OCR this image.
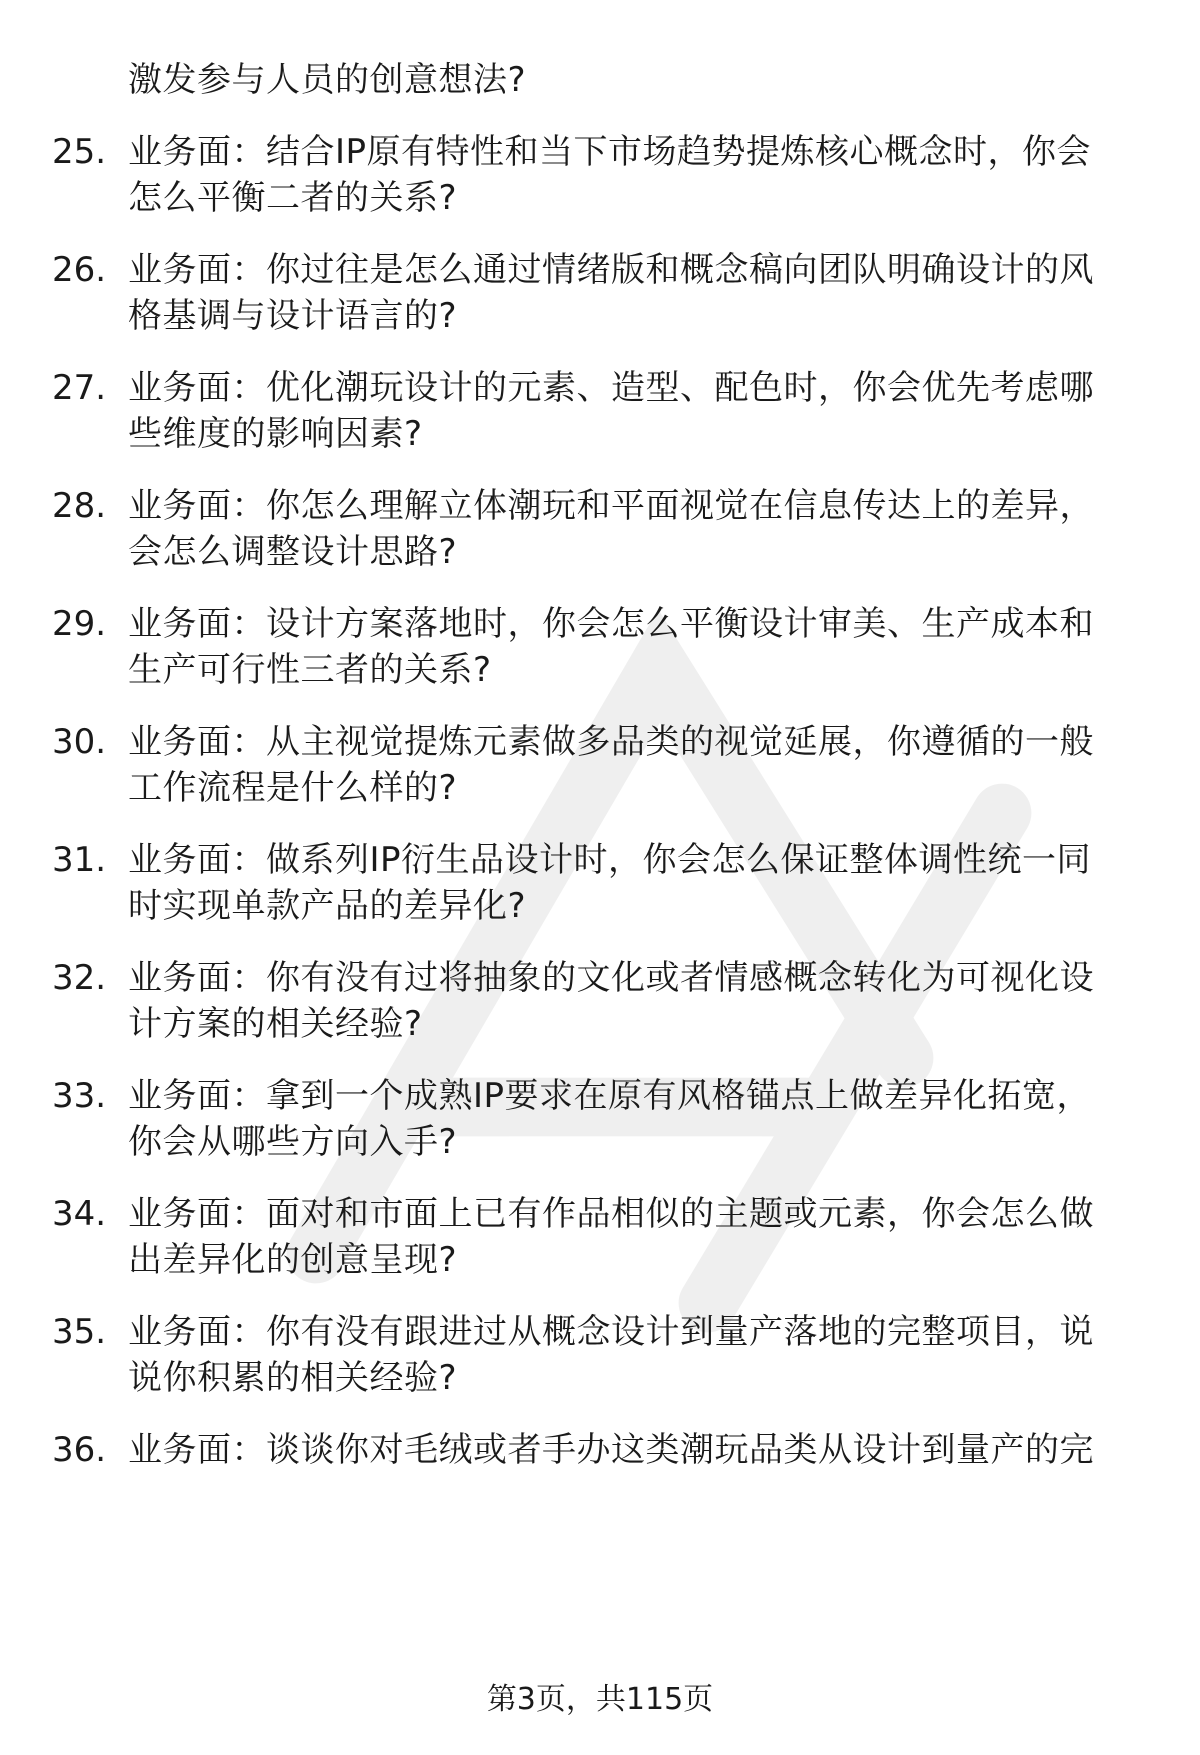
激发参与人员的创意想法?
25. 业务面：结合IP原有特性和当下市场趋势提炼核心概念时，你会
怎么平衡二者的关系?
26. 业务面：你过往是怎么通过情绪版和概念稿向团队明确设计的风
格基调与设计语言的?
27. 业务面：优化潮玩设计的元素、造型、配色时，你会优先考虑哪
些维度的影响因素?
28. 业务面：你怎么理解立体潮玩和平面视觉在信息传达上的差异，
会怎么调整设计思路?
29. 业务面：设计方案落地时，你会怎么平衡设计审美、生产成本和
生产可行性三者的关系?
30. 业务面：从主视觉提炼元素做多品类的视觉延展，你遵循的一般
工作流程是什么样的?
31. 业务面：做系列IP衍生品设计时，你会怎么保证整体调性统一同
时实现单款产品的差异化?
32. 业务面：你有没有过将抽象的文化或者情感概念转化为可视化设
计方案的相关经验?
33. 业务面：拿到一个成熟IP要求在原有风格锚点上做差异化拓宽，
你会从哪些方向入手?
34. 业务面：面对和市面上已有作品相似的主题或元素，你会怎么做
出差异化的创意呈现?
35. 业务面：你有没有跟进过从概念设计到量产落地的完整项目，说
说你积累的相关经验?
36. 业务面：谈谈你对毛绒或者手办这类潮玩品类从设计到量产的完
第3页，共115页
